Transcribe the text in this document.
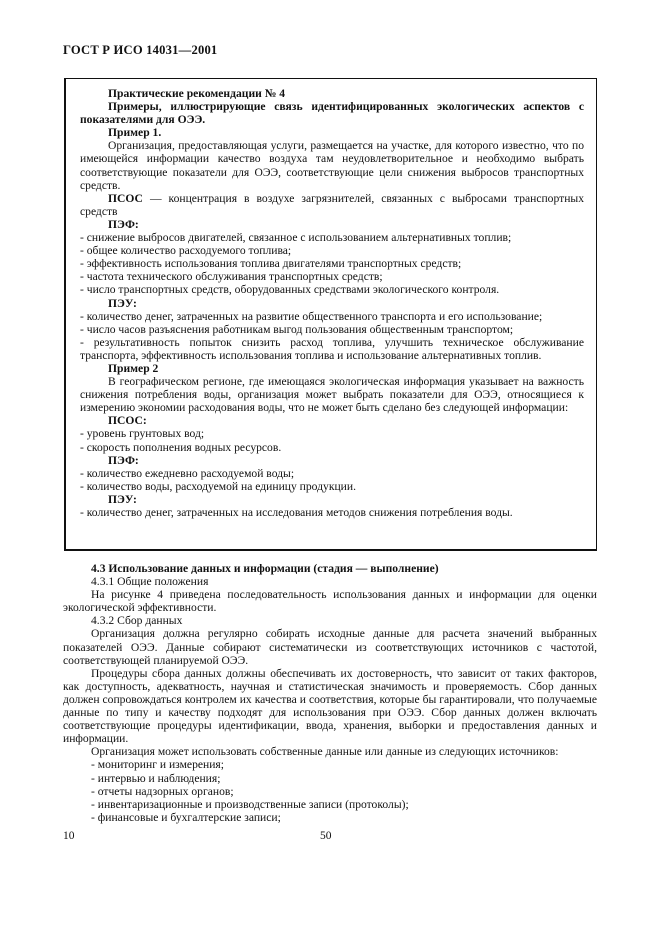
ГОСТ Р ИСО 14031—2001

Практические рекомендации № 4

Примеры, иллюстрирующие связь идентифицированных экологических аспектов с показателями для ОЭЭ.

Пример 1.

Организация, предоставляющая услуги, размещается на участке, для которого известно, что по имеющейся информации качество воздуха там неудовлетворительное и необходимо выбрать соответствующие показатели для ОЭЭ, соответствующие цели снижения выбросов транспортных средств.

ПСОС — концентрация в воздухе загрязнителей, связанных с выбросами транспортных средств

ПЭФ:

- снижение выбросов двигателей, связанное с использованием альтернативных топлив;

- общее количество расходуемого топлива;

- эффективность использования топлива двигателями транспортных средств;

- частота технического обслуживания транспортных средств;

- число транспортных средств, оборудованных средствами экологического контроля.

ПЭУ:

- количество денег, затраченных на развитие общественного транспорта и его использование;

- число часов разъяснения работникам выгод пользования общественным транспортом;

- результативность попыток снизить расход топлива, улучшить техническое обслуживание транспорта, эффективность использования топлива и использование альтернативных топлив.

Пример 2

В географическом регионе, где имеющаяся экологическая информация указывает на важность снижения потребления воды, организация может выбрать показатели для ОЭЭ, относящиеся к измерению экономии расходования воды, что не может быть сделано без следующей информации:

ПСОС:

- уровень грунтовых вод;

- скорость пополнения водных ресурсов.

ПЭФ:

- количество ежедневно расходуемой воды;

- количество воды, расходуемой на единицу продукции.

ПЭУ:

- количество денег, затраченных на исследования методов снижения потребления воды.

4.3 Использование данных и информации (стадия — выполнение)

4.3.1 Общие положения

На рисунке 4 приведена последовательность использования данных и информации для оценки экологической эффективности.

4.3.2 Сбор данных

Организация должна регулярно собирать исходные данные для расчета значений выбранных показателей ОЭЭ. Данные собирают систематически из соответствующих источников с частотой, соответствующей планируемой ОЭЭ.

Процедуры сбора данных должны обеспечивать их достоверность, что зависит от таких факторов, как доступность, адекватность, научная и статистическая значимость и проверяемость. Сбор данных должен сопровождаться контролем их качества и соответствия, которые бы гарантировали, что получаемые данные по типу и качеству подходят для использования при ОЭЭ. Сбор данных должен включать соответствующие процедуры идентификации, ввода, хранения, выборки и предоставления данных и информации.

Организация может использовать собственные данные или данные из следующих источников:

- мониторинг и измерения;

- интервью и наблюдения;

- отчеты надзорных органов;

- инвентаризационные и производственные записи (протоколы);

- финансовые и бухгалтерские записи;

10	50
